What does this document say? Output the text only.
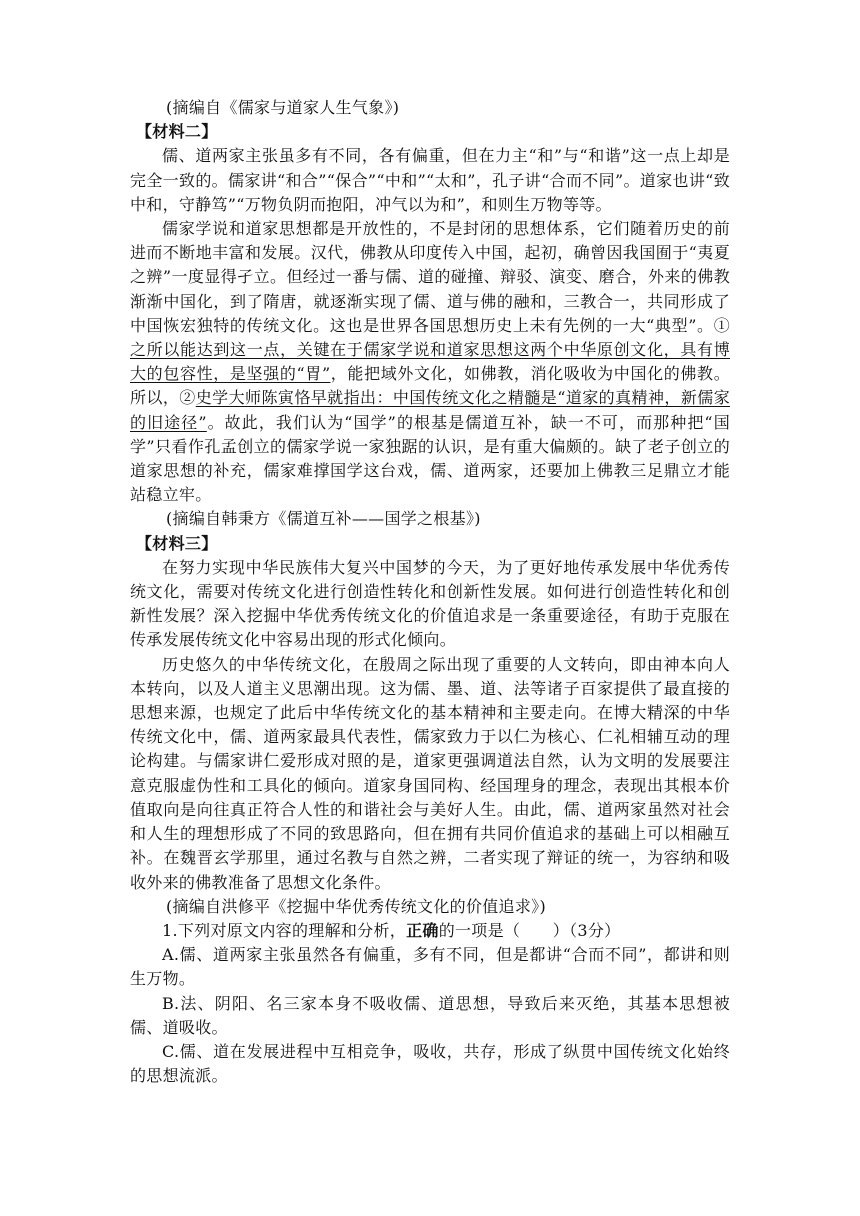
(摘编自《儒家与道家人生气象》)

【材料二】

儒、道两家主张虽多有不同，各有偏重，但在力主“和”与“和谐”这一点上却是完全一致的。儒家讲“和合”“保合”“中和”“太和”，孔子讲“合而不同”。道家也讲“致中和，守静笃”“万物负阴而抱阳，冲气以为和”，和则生万物等等。

儒家学说和道家思想都是开放性的，不是封闭的思想体系，它们随着历史的前进而不断地丰富和发展。汉代，佛教从印度传入中国，起初，确曾因我国囿于“夷夏之辨”一度显得孑立。但经过一番与儒、道的碰撞、辩驳、演变、磨合，外来的佛教渐渐中国化，到了隋唐，就逐渐实现了儒、道与佛的融和，三教合一，共同形成了中国恢宏独特的传统文化。这也是世界各国思想历史上未有先例的一大“典型”。①之所以能达到这一点，关键在于儒家学说和道家思想这两个中华原创文化，具有博大的包容性，是坚强的“胃”，能把域外文化，如佛教，消化吸收为中国化的佛教。所以，②史学大师陈寅恪早就指出：中国传统文化之精髓是“道家的真精神，新儒家的旧途径”。故此，我们认为“国学”的根基是儒道互补，缺一不可，而那种把“国学”只看作孔孟创立的儒家学说一家独踞的认识，是有重大偏颇的。缺了老子创立的道家思想的补充，儒家难撑国学这台戏，儒、道两家，还要加上佛教三足鼎立才能站稳立牢。

(摘编自韩秉方《儒道互补——国学之根基》)

【材料三】

在努力实现中华民族伟大复兴中国梦的今天，为了更好地传承发展中华优秀传统文化，需要对传统文化进行创造性转化和创新性发展。如何进行创造性转化和创新性发展？深入挖掘中华优秀传统文化的价值追求是一条重要途径，有助于克服在传承发展传统文化中容易出现的形式化倾向。

历史悠久的中华传统文化，在殷周之际出现了重要的人文转向，即由神本向人本转向，以及人道主义思潮出现。这为儒、墨、道、法等诸子百家提供了最直接的思想来源，也规定了此后中华传统文化的基本精神和主要走向。在博大精深的中华传统文化中，儒、道两家最具代表性，儒家致力于以仁为核心、仁礼相辅互动的理论构建。与儒家讲仁爱形成对照的是，道家更强调道法自然，认为文明的发展要注意克服虚伪性和工具化的倾向。道家身国同构、经国理身的理念，表现出其根本价值取向是向往真正符合人性的和谐社会与美好人生。由此，儒、道两家虽然对社会和人生的理想形成了不同的致思路向，但在拥有共同价值追求的基础上可以相融互补。在魏晋玄学那里，通过名教与自然之辨，二者实现了辩证的统一，为容纳和吸收外来的佛教准备了思想文化条件。

(摘编自洪修平《挖掘中华优秀传统文化的价值追求》)

1.下列对原文内容的理解和分析，正确的一项是（　　）（3分）

A.儒、道两家主张虽然各有偏重，多有不同，但是都讲“合而不同”，都讲和则生万物。

B.法、阴阳、名三家本身不吸收儒、道思想，导致后来灭绝，其基本思想被儒、道吸收。

C.儒、道在发展进程中互相竞争，吸收，共存，形成了纵贯中国传统文化始终的思想流派。
